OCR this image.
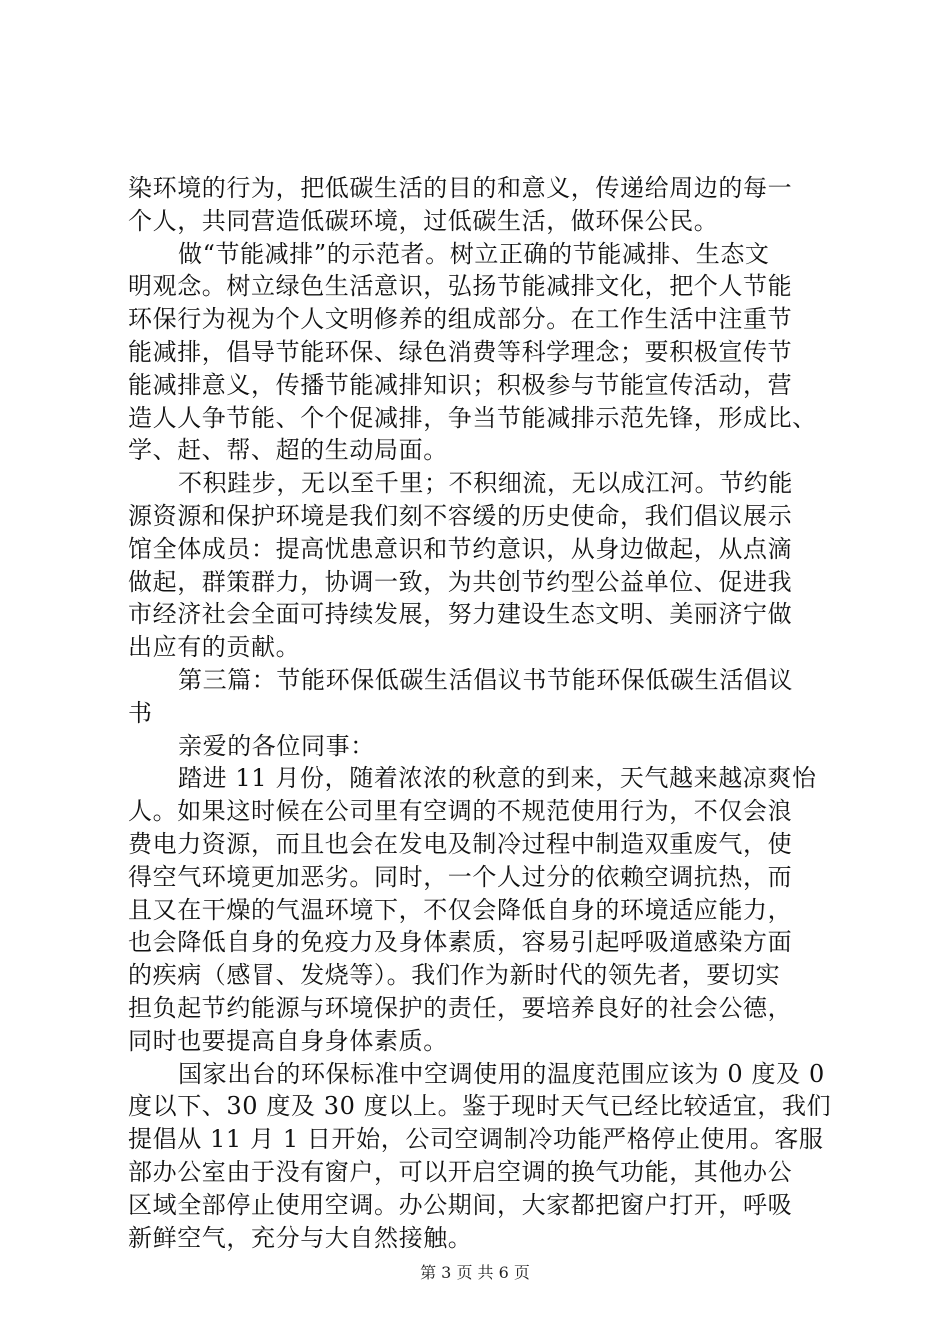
染环境的行为，把低碳生活的目的和意义，传递给周边的每一
个人，共同营造低碳环境，过低碳生活，做环保公民。
做“节能减排”的示范者。树立正确的节能减排、生态文
明观念。树立绿色生活意识，弘扬节能减排文化，把个人节能
环保行为视为个人文明修养的组成部分。在工作生活中注重节
能减排，倡导节能环保、绿色消费等科学理念；要积极宣传节
能减排意义，传播节能减排知识；积极参与节能宣传活动，营
造人人争节能、个个促减排，争当节能减排示范先锋，形成比、
学、赶、帮、超的生动局面。
不积跬步，无以至千里；不积细流，无以成江河。节约能
源资源和保护环境是我们刻不容缓的历史使命，我们倡议展示
馆全体成员：提高忧患意识和节约意识，从身边做起，从点滴
做起，群策群力，协调一致，为共创节约型公益单位、促进我
市经济社会全面可持续发展，努力建设生态文明、美丽济宁做
出应有的贡献。
第三篇：节能环保低碳生活倡议书节能环保低碳生活倡议
书
亲爱的各位同事：
踏进 11 月份，随着浓浓的秋意的到来，天气越来越凉爽怡
人。如果这时候在公司里有空调的不规范使用行为，不仅会浪
费电力资源，而且也会在发电及制冷过程中制造双重废气，使
得空气环境更加恶劣。同时，一个人过分的依赖空调抗热，而
且又在干燥的气温环境下，不仅会降低自身的环境适应能力，
也会降低自身的免疫力及身体素质，容易引起呼吸道感染方面
的疾病（感冒、发烧等）。我们作为新时代的领先者，要切实
担负起节约能源与环境保护的责任，要培养良好的社会公德，
同时也要提高自身身体素质。
国家出台的环保标准中空调使用的温度范围应该为 0 度及 0
度以下、30 度及 30 度以上。鉴于现时天气已经比较适宜，我们
提倡从 11 月 1 日开始，公司空调制冷功能严格停止使用。客服
部办公室由于没有窗户，可以开启空调的换气功能，其他办公
区域全部停止使用空调。办公期间，大家都把窗户打开，呼吸
新鲜空气，充分与大自然接触。
第 3 页 共 6 页
